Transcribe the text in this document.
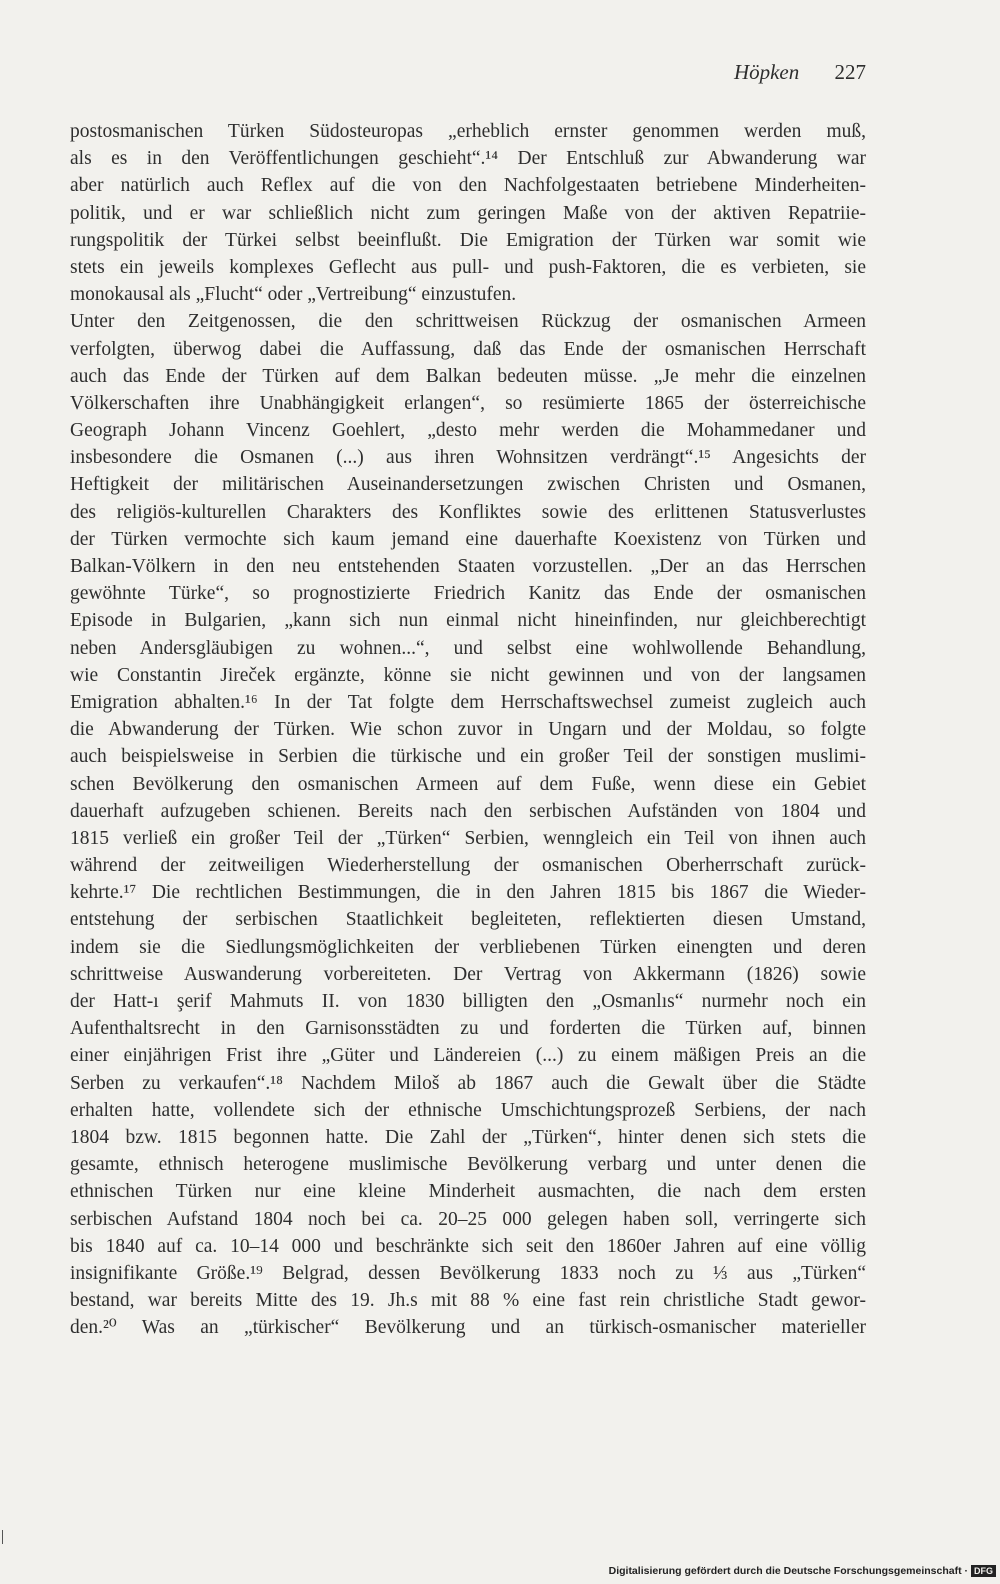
Höpken 227
postosmanischen Türken Südosteuropas „erheblich ernster genommen werden muß,
als es in den Veröffentlichungen geschieht“.¹⁴ Der Entschluß zur Abwanderung war
aber natürlich auch Reflex auf die von den Nachfolgestaaten betriebene Minderheiten-
politik, und er war schließlich nicht zum geringen Maße von der aktiven Repatriie-
rungspolitik der Türkei selbst beeinflußt. Die Emigration der Türken war somit wie
stets ein jeweils komplexes Geflecht aus pull- und push-Faktoren, die es verbieten, sie
monokausal als „Flucht“ oder „Vertreibung“ einzustufen.
Unter den Zeitgenossen, die den schrittweisen Rückzug der osmanischen Armeen
verfolgten, überwog dabei die Auffassung, daß das Ende der osmanischen Herrschaft
auch das Ende der Türken auf dem Balkan bedeuten müsse. „Je mehr die einzelnen
Völkerschaften ihre Unabhängigkeit erlangen“, so resümierte 1865 der österreichische
Geograph Johann Vincenz Goehlert, „desto mehr werden die Mohammedaner und
insbesondere die Osmanen (...) aus ihren Wohnsitzen verdrängt“.¹⁵ Angesichts der
Heftigkeit der militärischen Auseinandersetzungen zwischen Christen und Osmanen,
des religiös-kulturellen Charakters des Konfliktes sowie des erlittenen Statusverlustes
der Türken vermochte sich kaum jemand eine dauerhafte Koexistenz von Türken und
Balkan-Völkern in den neu entstehenden Staaten vorzustellen. „Der an das Herrschen
gewöhnte Türke“, so prognostizierte Friedrich Kanitz das Ende der osmanischen
Episode in Bulgarien, „kann sich nun einmal nicht hineinfinden, nur gleichberechtigt
neben Andersgläubigen zu wohnen...“, und selbst eine wohlwollende Behandlung,
wie Constantin Jireček ergänzte, könne sie nicht gewinnen und von der langsamen
Emigration abhalten.¹⁶ In der Tat folgte dem Herrschaftswechsel zumeist zugleich auch
die Abwanderung der Türken. Wie schon zuvor in Ungarn und der Moldau, so folgte
auch beispielsweise in Serbien die türkische und ein großer Teil der sonstigen muslimi-
schen Bevölkerung den osmanischen Armeen auf dem Fuße, wenn diese ein Gebiet
dauerhaft aufzugeben schienen. Bereits nach den serbischen Aufständen von 1804 und
1815 verließ ein großer Teil der „Türken“ Serbien, wenngleich ein Teil von ihnen auch
während der zeitweiligen Wiederherstellung der osmanischen Oberherrschaft zurück-
kehrte.¹⁷ Die rechtlichen Bestimmungen, die in den Jahren 1815 bis 1867 die Wieder-
entstehung der serbischen Staatlichkeit begleiteten, reflektierten diesen Umstand,
indem sie die Siedlungsmöglichkeiten der verbliebenen Türken einengten und deren
schrittweise Auswanderung vorbereiteten. Der Vertrag von Akkermann (1826) sowie
der Hatt-ı şerif Mahmuts II. von 1830 billigten den „Osmanlıs“ nurmehr noch ein
Aufenthaltsrecht in den Garnisonsstädten zu und forderten die Türken auf, binnen
einer einjährigen Frist ihre „Güter und Ländereien (...) zu einem mäßigen Preis an die
Serben zu verkaufen“.¹⁸ Nachdem Miloš ab 1867 auch die Gewalt über die Städte
erhalten hatte, vollendete sich der ethnische Umschichtungsprozeß Serbiens, der nach
1804 bzw. 1815 begonnen hatte. Die Zahl der „Türken“, hinter denen sich stets die
gesamte, ethnisch heterogene muslimische Bevölkerung verbarg und unter denen die
ethnischen Türken nur eine kleine Minderheit ausmachten, die nach dem ersten
serbischen Aufstand 1804 noch bei ca. 20–25 000 gelegen haben soll, verringerte sich
bis 1840 auf ca. 10–14 000 und beschränkte sich seit den 1860er Jahren auf eine völlig
insignifikante Größe.¹⁹ Belgrad, dessen Bevölkerung 1833 noch zu ⅓ aus „Türken“
bestand, war bereits Mitte des 19. Jh.s mit 88 % eine fast rein christliche Stadt gewor-
den.²⁰ Was an „türkischer“ Bevölkerung und an türkisch-osmanischer materieller
Digitalisierung gefördert durch die Deutsche Forschungsgemeinschaft · DFG
